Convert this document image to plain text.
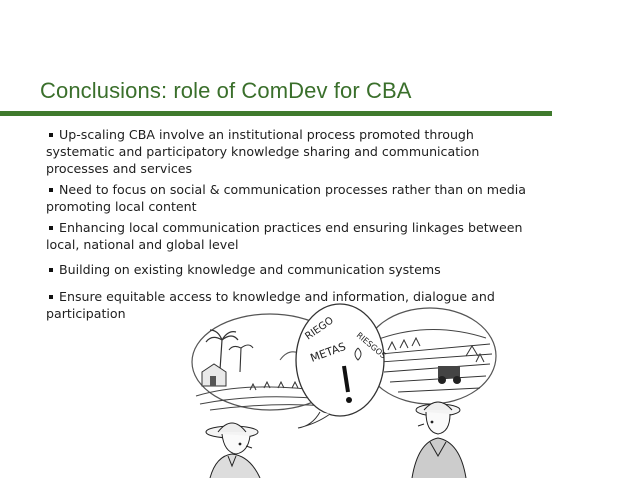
Conclusions: role of ComDev for CBA
Up-scaling CBA involve an institutional process promoted through systematic and participatory knowledge sharing and communication processes and services
Need to focus on social & communication processes rather than on media promoting local content
Enhancing local communication practices end ensuring linkages between local, national and global level
Building on existing knowledge and communication systems
Ensure equitable access to knowledge and information, dialogue and participation
RIEGO
METAS RIESGOS
